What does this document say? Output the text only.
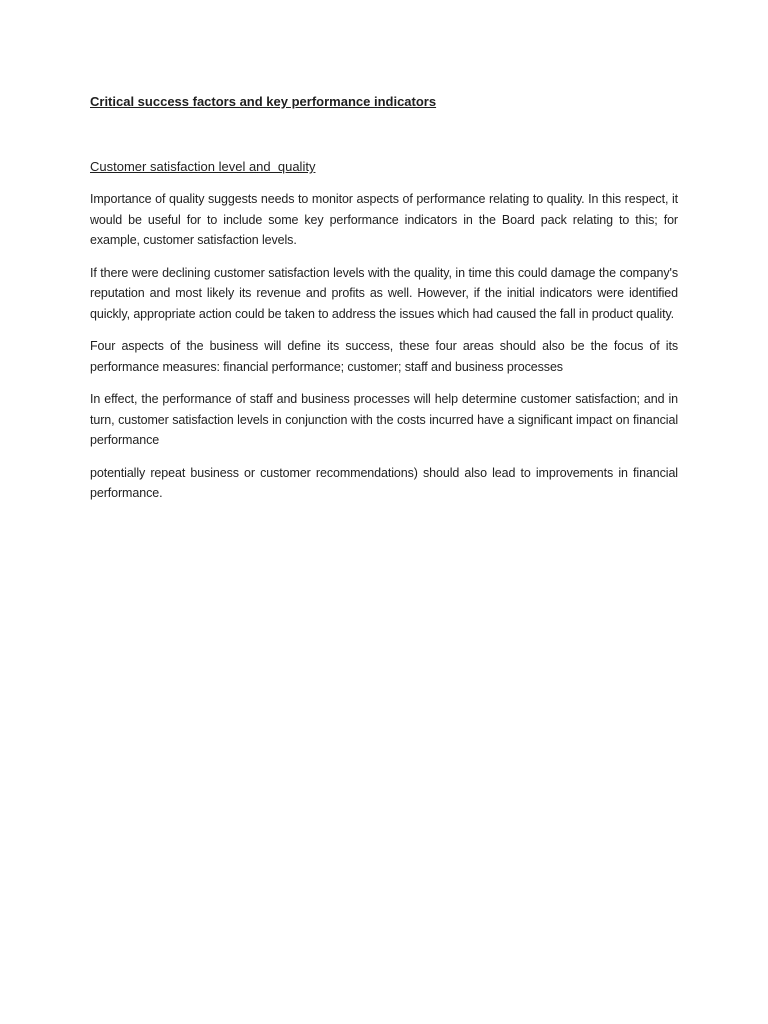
Critical success factors and key performance indicators
Customer satisfaction level and  quality

Importance of quality suggests needs to monitor aspects of performance relating to quality. In this respect, it would be useful for to include some key performance indicators in the Board pack relating to this; for example, customer satisfaction levels.

If there were declining customer satisfaction levels with the quality, in time this could damage the company's reputation and most likely its revenue and profits as well. However, if the initial indicators were identified quickly, appropriate action could be taken to address the issues which had caused the fall in product quality.

Four aspects of the business will define its success, these four areas should also be the focus of its performance measures: financial performance; customer; staff and business processes

In effect, the performance of staff and business processes will help determine customer satisfaction; and in turn, customer satisfaction levels in conjunction with the costs incurred have a significant impact on financial performance

potentially repeat business or customer recommendations) should also lead to improvements in financial performance.
